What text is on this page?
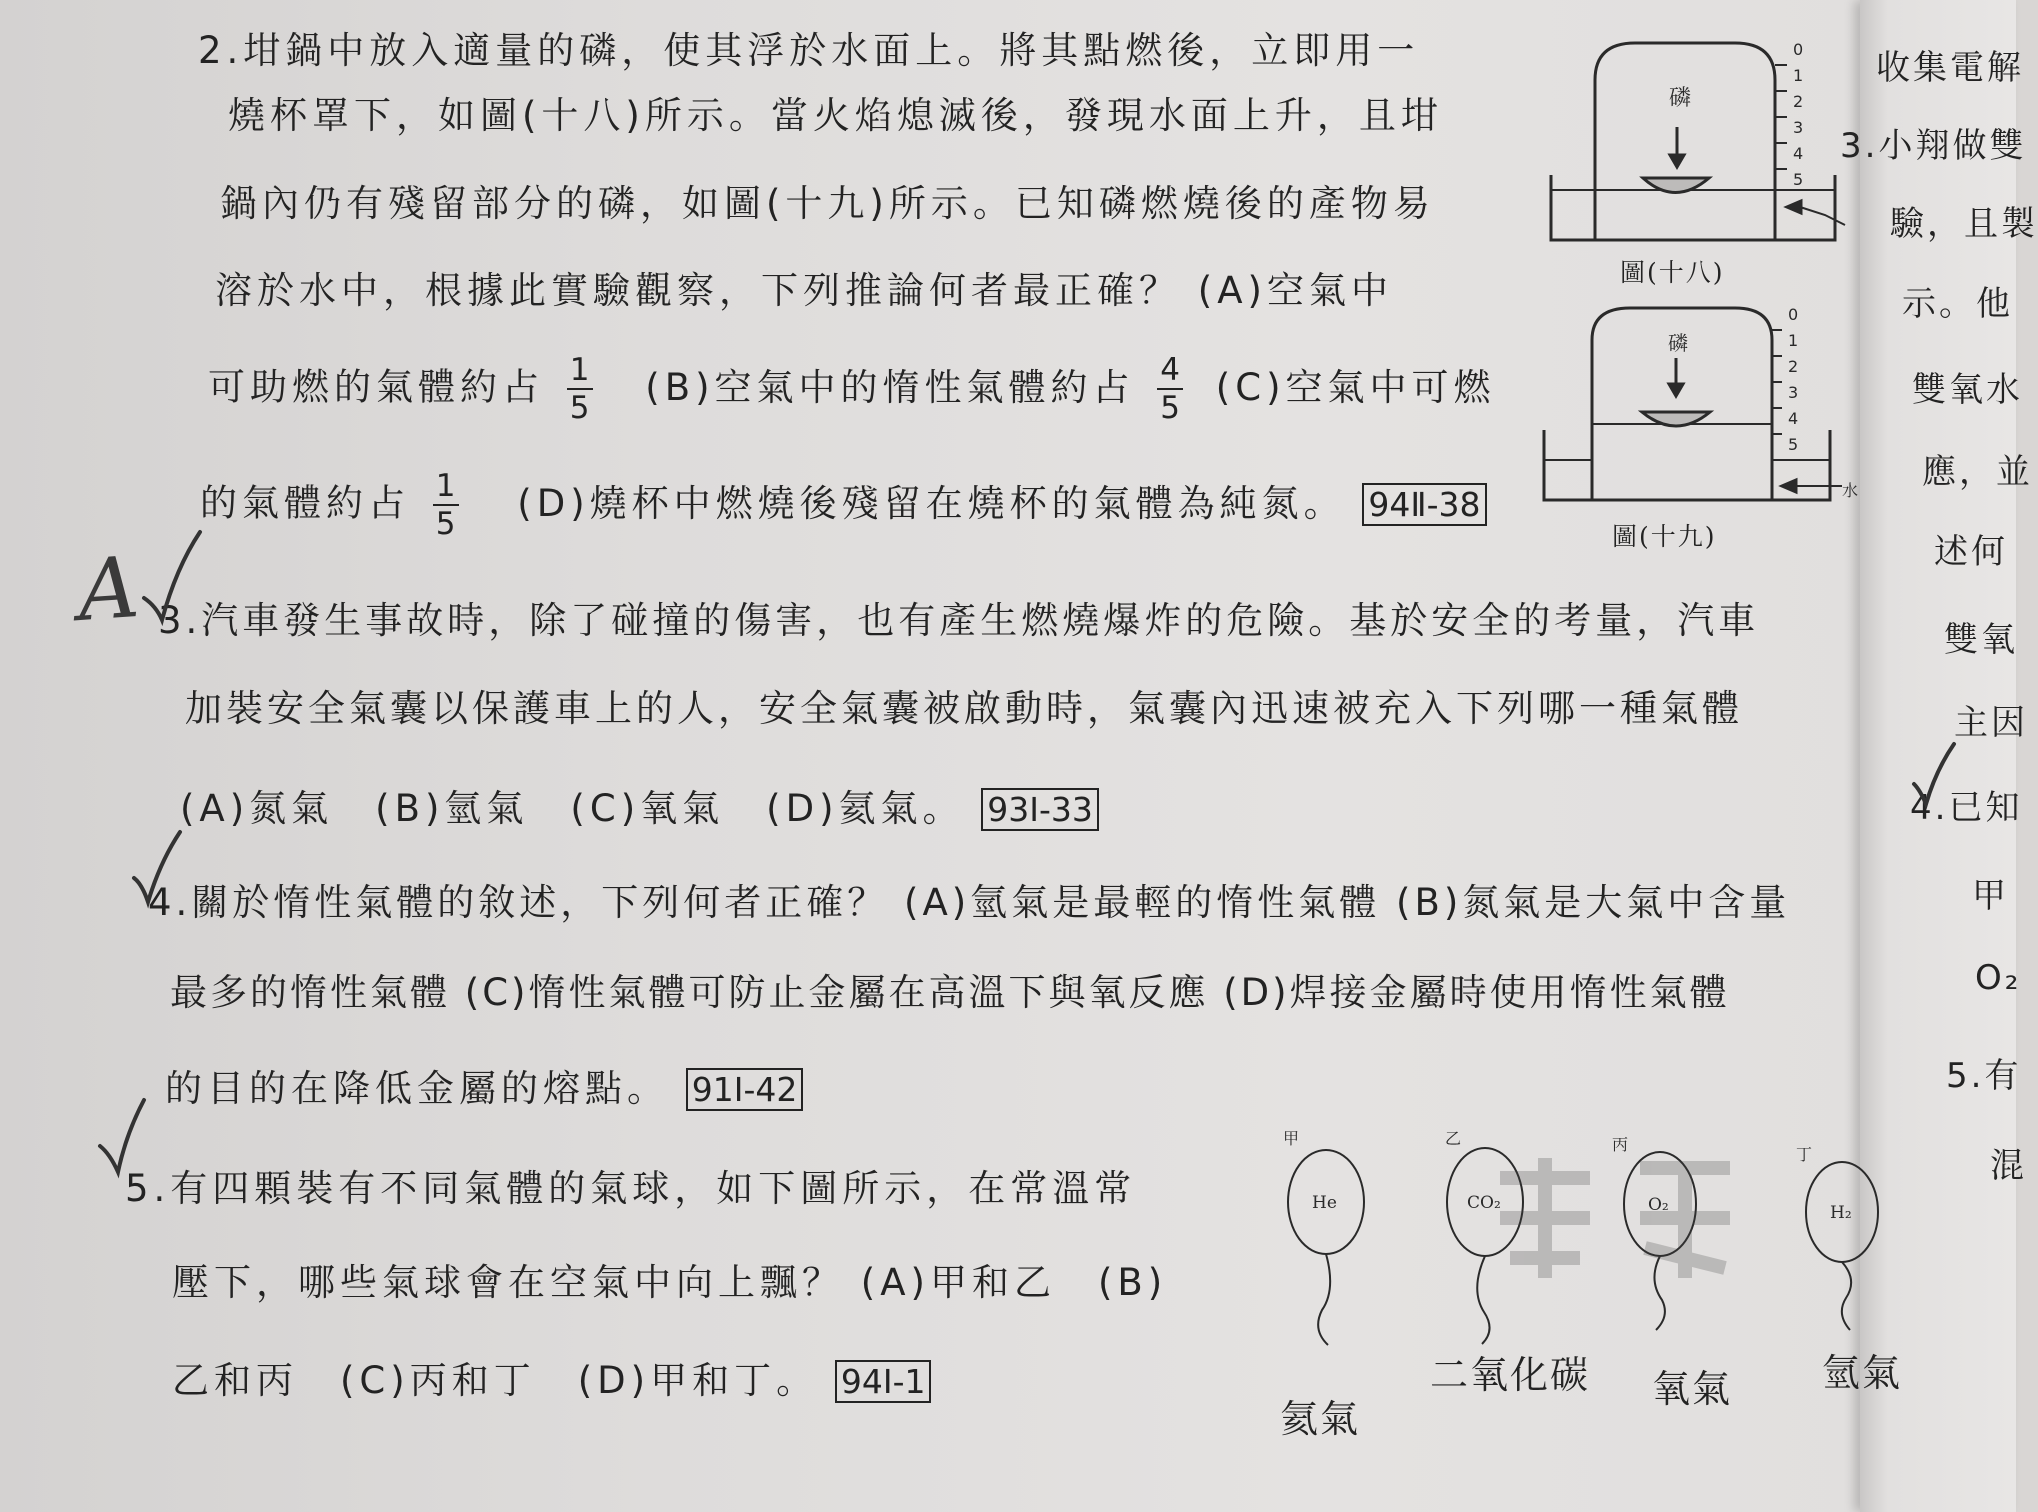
2.坩鍋中放入適量的磷，使其浮於水面上。將其點燃後，立即用一
燒杯罩下，如圖(十八)所示。當火焰熄滅後，發現水面上升，且坩
鍋內仍有殘留部分的磷，如圖(十九)所示。已知磷燃燒後的產物易
溶於水中，根據此實驗觀察，下列推論何者最正確？ (A)空氣中
可助燃的氣體約占 $\frac{1}{5} (B)$空氣中的惰性氣體約占 $\frac{4}{5} (C)$空氣中可燃
的氣體約占 $\frac{1}{5} (D)$燒杯中燃燒後殘留在燒杯的氣體為純氮。 94Ⅱ-38
磷
0
1
2
3
4
5
圖(十八)
磷
水
0
1
2
3
4
5
圖(十九)
3.汽車發生事故時，除了碰撞的傷害，也有產生燃燒爆炸的危險。基於安全的考量，汽車
加裝安全氣囊以保護車上的人，安全氣囊被啟動時，氣囊內迅速被充入下列哪一種氣體
(A)氮氣　(B)氫氣　(C)氧氣　(D)氦氣。 93Ⅰ-33
4.關於惰性氣體的敘述，下列何者正確？ (A)氫氣是最輕的惰性氣體 (B)氮氣是大氣中含量
最多的惰性氣體 (C)惰性氣體可防止金屬在高溫下與氧反應 (D)焊接金屬時使用惰性氣體
的目的在降低金屬的熔點。 91Ⅰ-42
5.有四顆裝有不同氣體的氣球，如下圖所示，在常溫常
壓下，哪些氣球會在空氣中向上飄？ (A)甲和乙　(B)
乙和丙　(C)丙和丁　(D)甲和丁。 94Ⅰ-1
甲	乙	丙
丁
He	CO₂	O₂	H₂
氦氣
二氧化碳 氧氣 氫氣
收集電解
3.小翔做雙
驗，且製
示。他
雙氧水
應，並
述何
雙氧
主因
4.已知
甲
O₂
5.有
混
A
